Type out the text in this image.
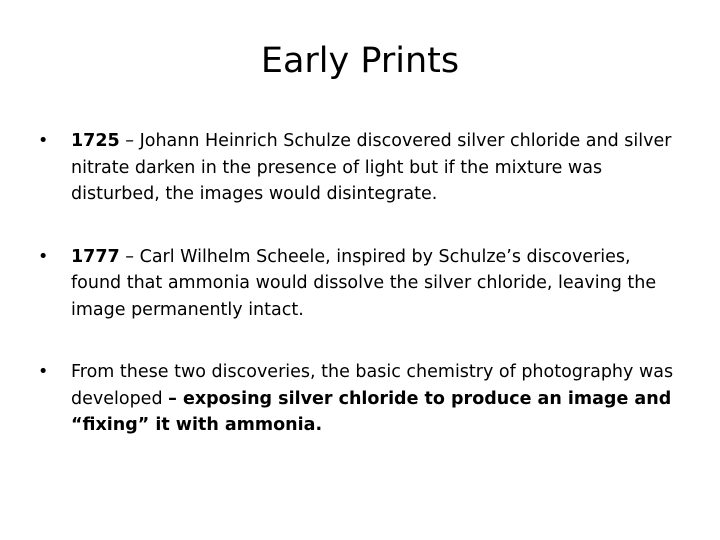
Early Prints
•	1725 – Johann Heinrich Schulze discovered silver chloride and silver nitrate darken in the presence of light but if the mixture was disturbed, the images would disintegrate.
•	1777 – Carl Wilhelm Scheele, inspired by Schulze’s discoveries, found that ammonia would dissolve the silver chloride, leaving the image permanently intact.
•	From these two discoveries, the basic chemistry of photography was developed – exposing silver chloride to produce an image and “fixing” it with ammonia.
